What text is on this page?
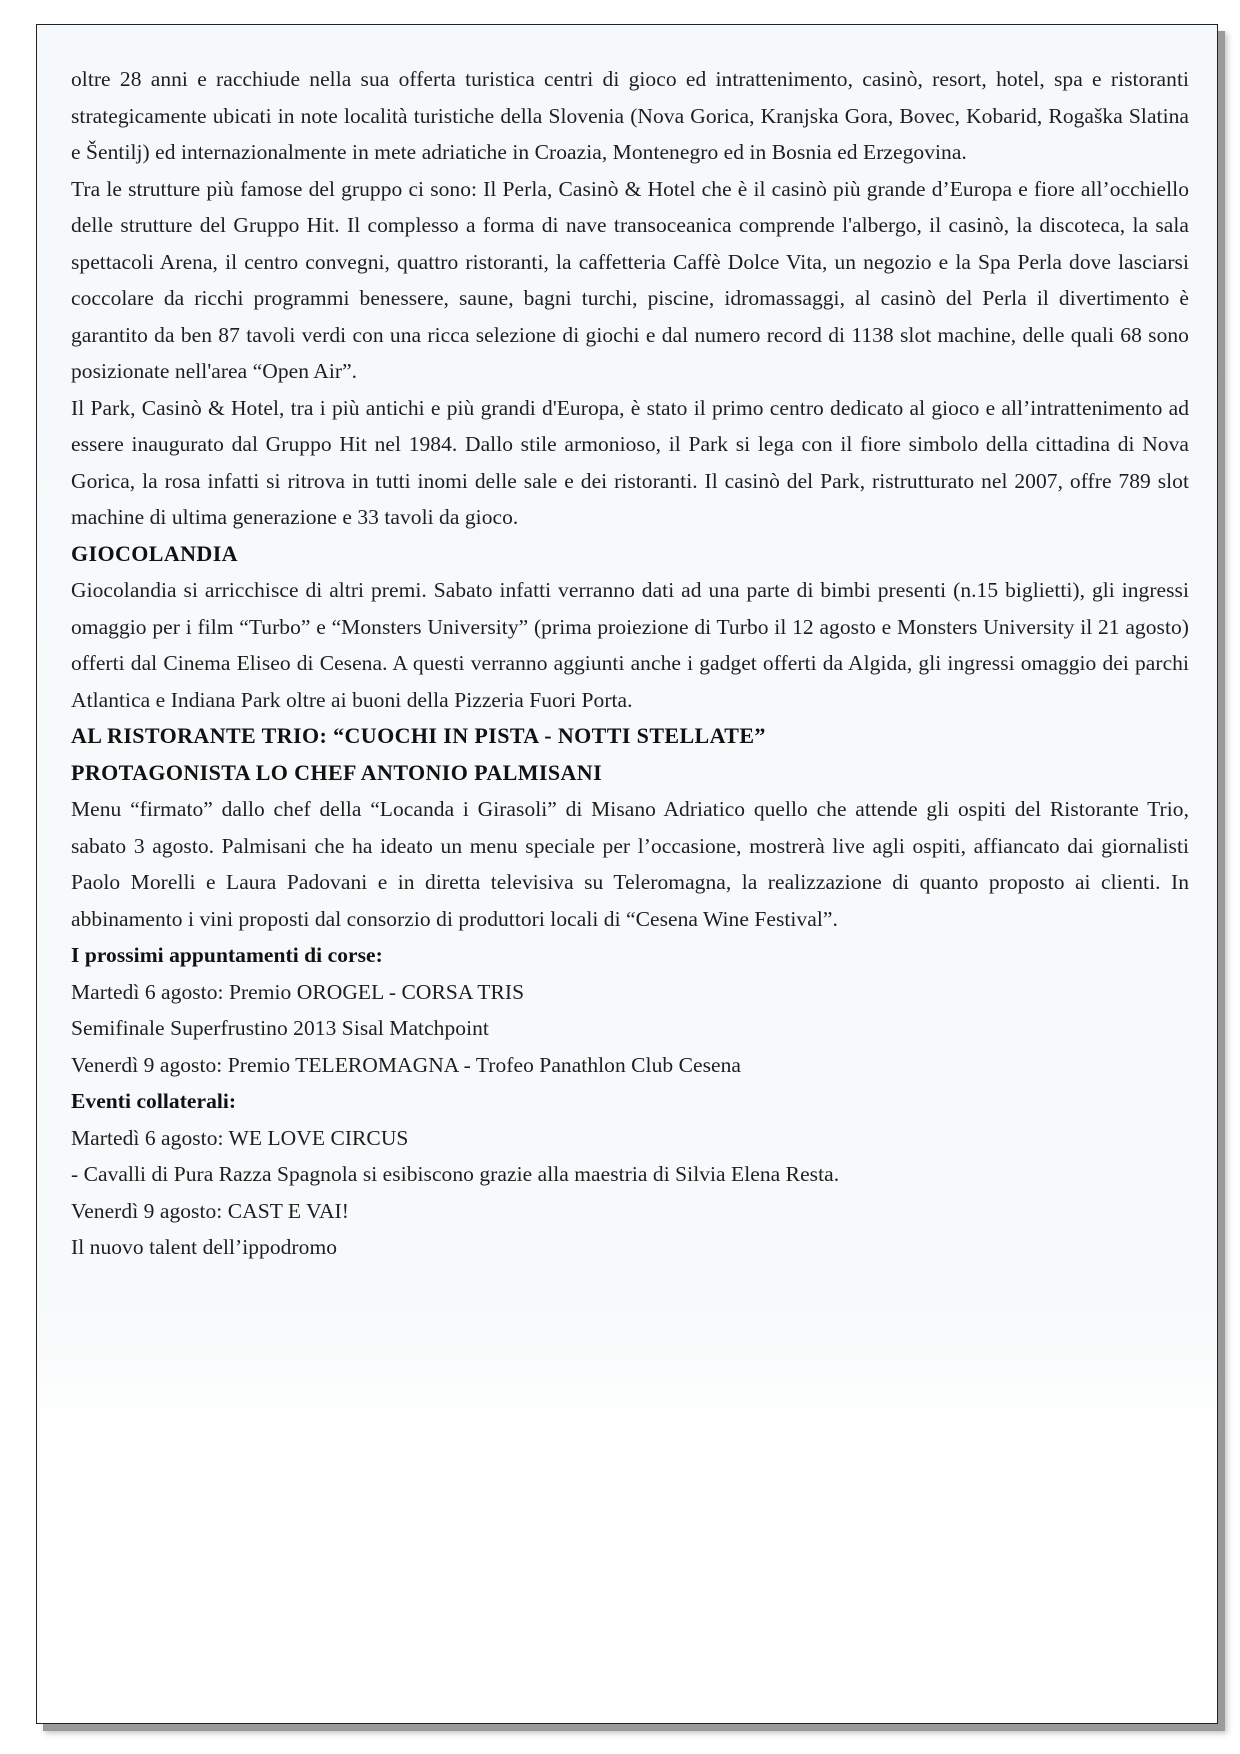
oltre 28 anni e racchiude nella sua offerta turistica centri di gioco ed intrattenimento, casinò, resort, hotel, spa e ristoranti strategicamente ubicati in note località turistiche della Slovenia (Nova Gorica, Kranjska Gora, Bovec, Kobarid, Rogaška Slatina e Šentilj) ed internazionalmente in mete adriatiche in Croazia, Montenegro ed in Bosnia ed Erzegovina.

Tra le strutture più famose del gruppo ci sono: Il Perla, Casinò & Hotel che è il casinò più grande d’Europa e fiore all’occhiello delle strutture del Gruppo Hit. Il complesso a forma di nave transoceanica comprende l'albergo, il casinò, la discoteca, la sala spettacoli Arena, il centro convegni, quattro ristoranti, la caffetteria Caffè Dolce Vita, un negozio e la Spa Perla dove lasciarsi coccolare da ricchi programmi benessere, saune, bagni turchi, piscine, idromassaggi, al casinò del Perla il divertimento è garantito da ben 87 tavoli verdi con una ricca selezione di giochi e dal numero record di 1138 slot machine, delle quali 68 sono posizionate nell'area “Open Air”.

Il Park, Casinò & Hotel, tra i più antichi e più grandi d'Europa, è stato il primo centro dedicato al gioco e all’intrattenimento ad essere inaugurato dal Gruppo Hit nel 1984. Dallo stile armonioso, il Park si lega con il fiore simbolo della cittadina di Nova Gorica, la rosa infatti si ritrova in tutti inomi delle sale e dei ristoranti. Il casinò del Park, ristrutturato nel 2007, offre 789 slot machine di ultima generazione e 33 tavoli da gioco.

GIOCOLANDIA

Giocolandia si arricchisce di altri premi. Sabato infatti verranno dati ad una parte di bimbi presenti (n.15 biglietti), gli ingressi omaggio per i film “Turbo” e “Monsters University” (prima proiezione di Turbo il 12 agosto e Monsters University il 21 agosto) offerti dal Cinema Eliseo di Cesena. A questi verranno aggiunti anche i gadget offerti da Algida, gli ingressi omaggio dei parchi Atlantica e Indiana Park oltre ai buoni della Pizzeria Fuori Porta.

AL RISTORANTE TRIO: “CUOCHI IN PISTA - NOTTI STELLATE”

PROTAGONISTA LO CHEF ANTONIO PALMISANI

Menu “firmato” dallo chef della “Locanda i Girasoli” di Misano Adriatico quello che attende gli ospiti del Ristorante Trio, sabato 3 agosto. Palmisani che ha ideato un menu speciale per l’occasione, mostrerà live agli ospiti, affiancato dai giornalisti Paolo Morelli e Laura Padovani e in diretta televisiva su Teleromagna, la realizzazione di quanto proposto ai clienti. In abbinamento i vini proposti dal consorzio di produttori locali di “Cesena Wine Festival”.

I prossimi appuntamenti di corse:

Martedì 6 agosto: Premio OROGEL - CORSA TRIS

Semifinale Superfrustino 2013 Sisal Matchpoint

Venerdì 9 agosto: Premio TELEROMAGNA - Trofeo Panathlon Club Cesena

Eventi collaterali:

Martedì 6 agosto: WE LOVE CIRCUS

- Cavalli di Pura Razza Spagnola si esibiscono grazie alla maestria di Silvia Elena Resta.

Venerdì 9 agosto: CAST E VAI!

Il nuovo talent dell’ippodromo
